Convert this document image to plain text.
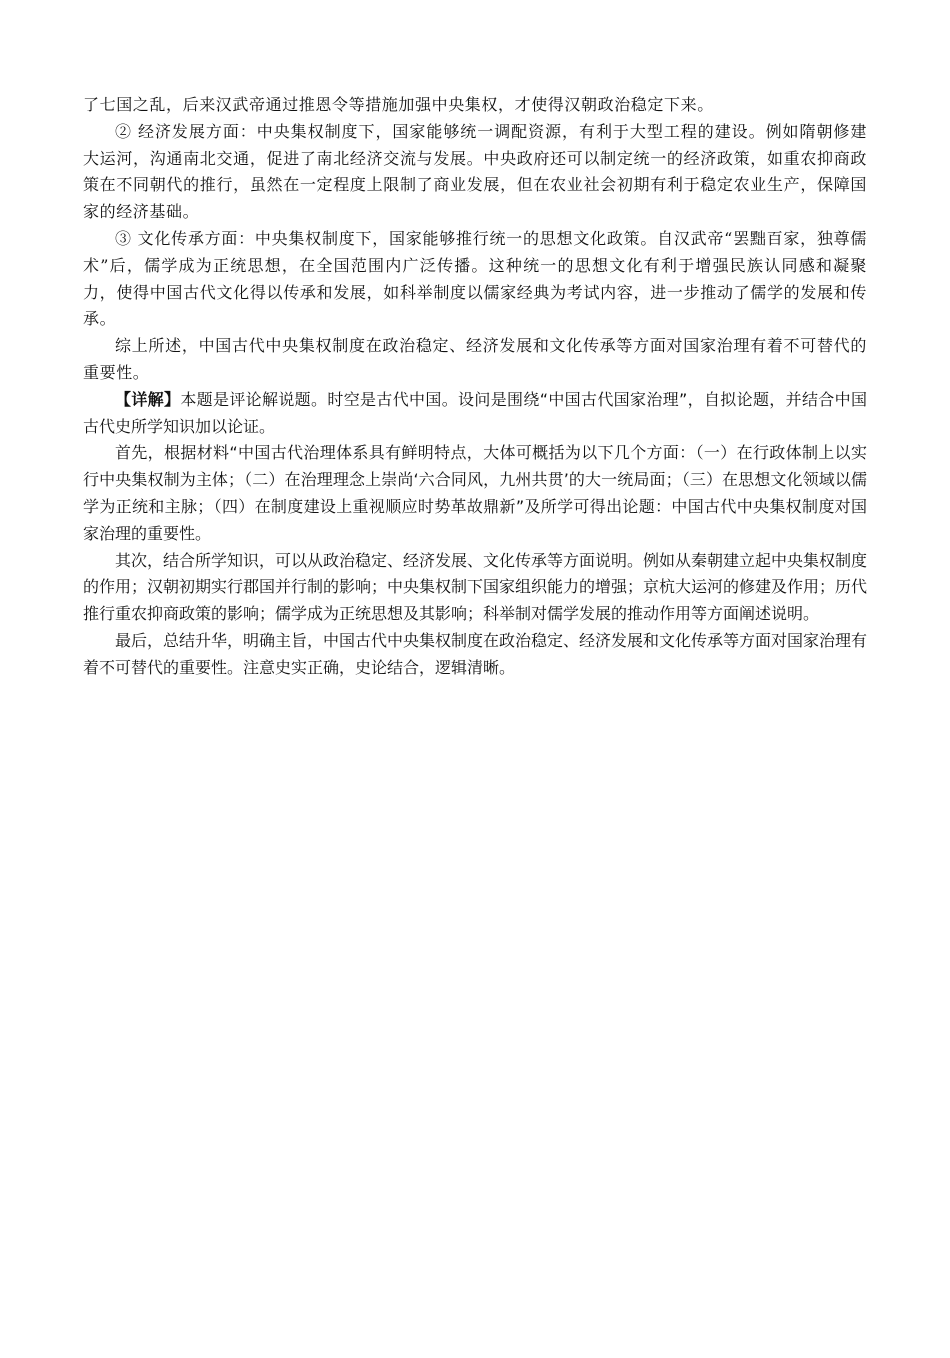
了七国之乱，后来汉武帝通过推恩令等措施加强中央集权，才使得汉朝政治稳定下来。

② 经济发展方面：中央集权制度下，国家能够统一调配资源，有利于大型工程的建设。例如隋朝修建大运河，沟通南北交通，促进了南北经济交流与发展。中央政府还可以制定统一的经济政策，如重农抑商政策在不同朝代的推行，虽然在一定程度上限制了商业发展，但在农业社会初期有利于稳定农业生产，保障国家的经济基础。

③ 文化传承方面：中央集权制度下，国家能够推行统一的思想文化政策。自汉武帝“罢黜百家，独尊儒术”后，儒学成为正统思想，在全国范围内广泛传播。这种统一的思想文化有利于增强民族认同感和凝聚力，使得中国古代文化得以传承和发展，如科举制度以儒家经典为考试内容，进一步推动了儒学的发展和传承。

综上所述，中国古代中央集权制度在政治稳定、经济发展和文化传承等方面对国家治理有着不可替代的重要性。

【详解】本题是评论解说题。时空是古代中国。设问是围绕“中国古代国家治理”，自拟论题，并结合中国古代史所学知识加以论证。

首先，根据材料“中国古代治理体系具有鲜明特点，大体可概括为以下几个方面：（一）在行政体制上以实行中央集权制为主体；（二）在治理理念上崇尚‘六合同风，九州共贯’的大一统局面；（三）在思想文化领域以儒学为正统和主脉；（四）在制度建设上重视顺应时势革故鼎新”及所学可得出论题：中国古代中央集权制度对国家治理的重要性。

其次，结合所学知识，可以从政治稳定、经济发展、文化传承等方面说明。例如从秦朝建立起中央集权制度的作用；汉朝初期实行郡国并行制的影响；中央集权制下国家组织能力的增强；京杭大运河的修建及作用；历代推行重农抑商政策的影响；儒学成为正统思想及其影响；科举制对儒学发展的推动作用等方面阐述说明。

最后，总结升华，明确主旨，中国古代中央集权制度在政治稳定、经济发展和文化传承等方面对国家治理有着不可替代的重要性。注意史实正确，史论结合，逻辑清晰。
